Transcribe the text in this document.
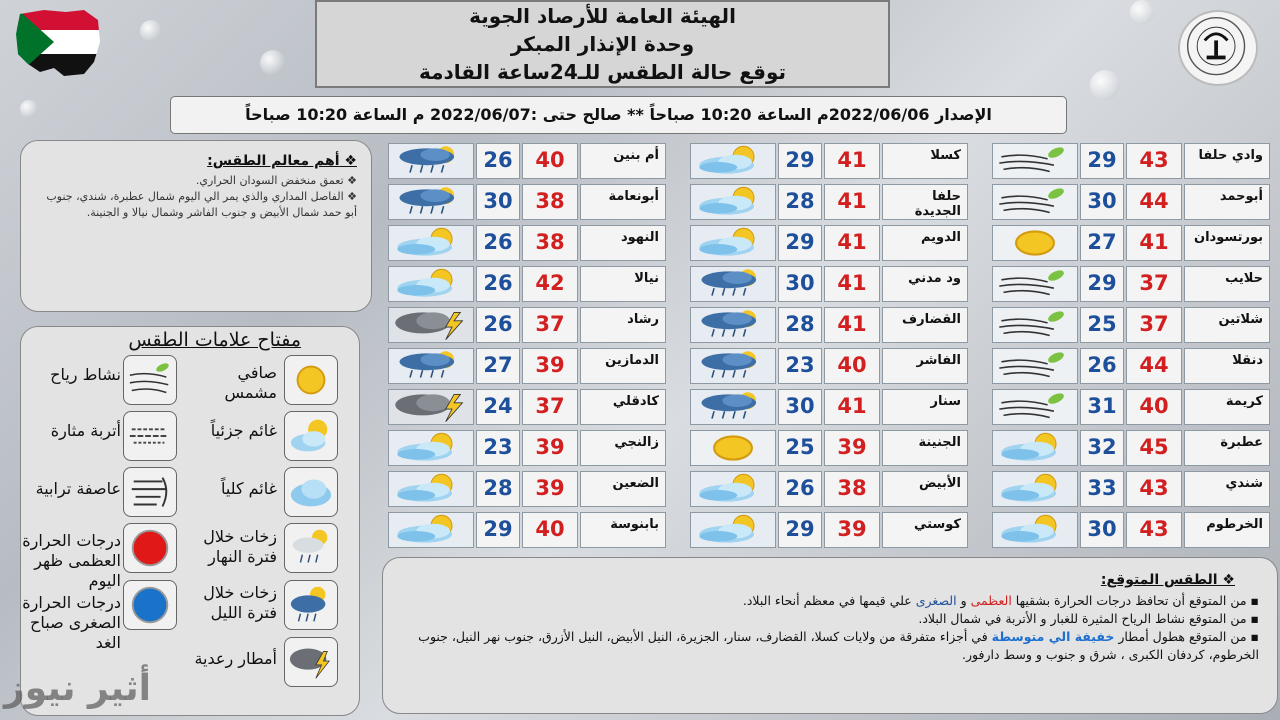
الهيئة العامة للأرصاد الجوية
وحدة الإنذار المبكر
توقع حالة الطقس للـ24ساعة القادمة
الإصدار 2022/06/06م الساعة 10:20 صباحاً ** صالح حتى :2022/06/07 م الساعة 10:20 صباحاً
❖ أهم معالم الطقس:
❖ تعمق منخفض السودان الحراري.
❖ الفاصل المداري والذي يمر الي اليوم شمال عطبرة، شندي، جنوب أبو حمد شمال الأبيض و جنوب الفاشر وشمال نيالا و الجنينة.
مفتاح علامات الطقس
صافي مشمس
نشاط رياح
غائم جزئياً
أتربة مثارة
غائم كلياً
عاصفة ترابية
زخات خلال فترة النهار
درجات الحرارة العظمى ظهر اليوم
زخات خلال فترة الليل
درجات الحرارة الصغرى صباح الغد
أمطار رعدية
29	43	وادي حلفا
30	44	أبوحمد
27	41	بورتسودان
29	37	حلايب
25	37	شلاتين
26	44	دنقلا
31	40	كريمة
32	45	عطبرة
33	43	شندي
30	43	الخرطوم
29	41	كسلا
28	41	حلفا الجديدة
29	41	الدويم
30	41	ود مدني
28	41	القضارف
23	40	الفاشر
30	41	سنار
25	39	الجنينة
26	38	الأبيض
29	39	كوستي
26	40	أم بنين
30	38	أبونعامة
26	38	النهود
26	42	نيالا
26	37	رشاد
27	39	الدمازين
24	37	كادقلي
23	39	زالنجي
28	39	الضعين
29	40	بابنوسة
❖ الطقس المتوقع:
▪ من المتوقع أن تحافظ درجات الحرارة بشقيها العظمى و الصغرى علي قيمها في معظم أنحاء البلاد.
▪ من المتوقع نشاط الرياح المثيرة للغبار و الأتربة في شمال البلاد.
▪ من المتوقع هطول أمطار خفيفة الي متوسطة في أجزاء متفرقة من ولايات كسلا، القضارف، سنار، الجزيرة، النيل الأبيض، النيل الأزرق، جنوب نهر النيل، جنوب الخرطوم، كردفان الكبرى ، شرق و جنوب و وسط دارفور.
أثير نيوز
